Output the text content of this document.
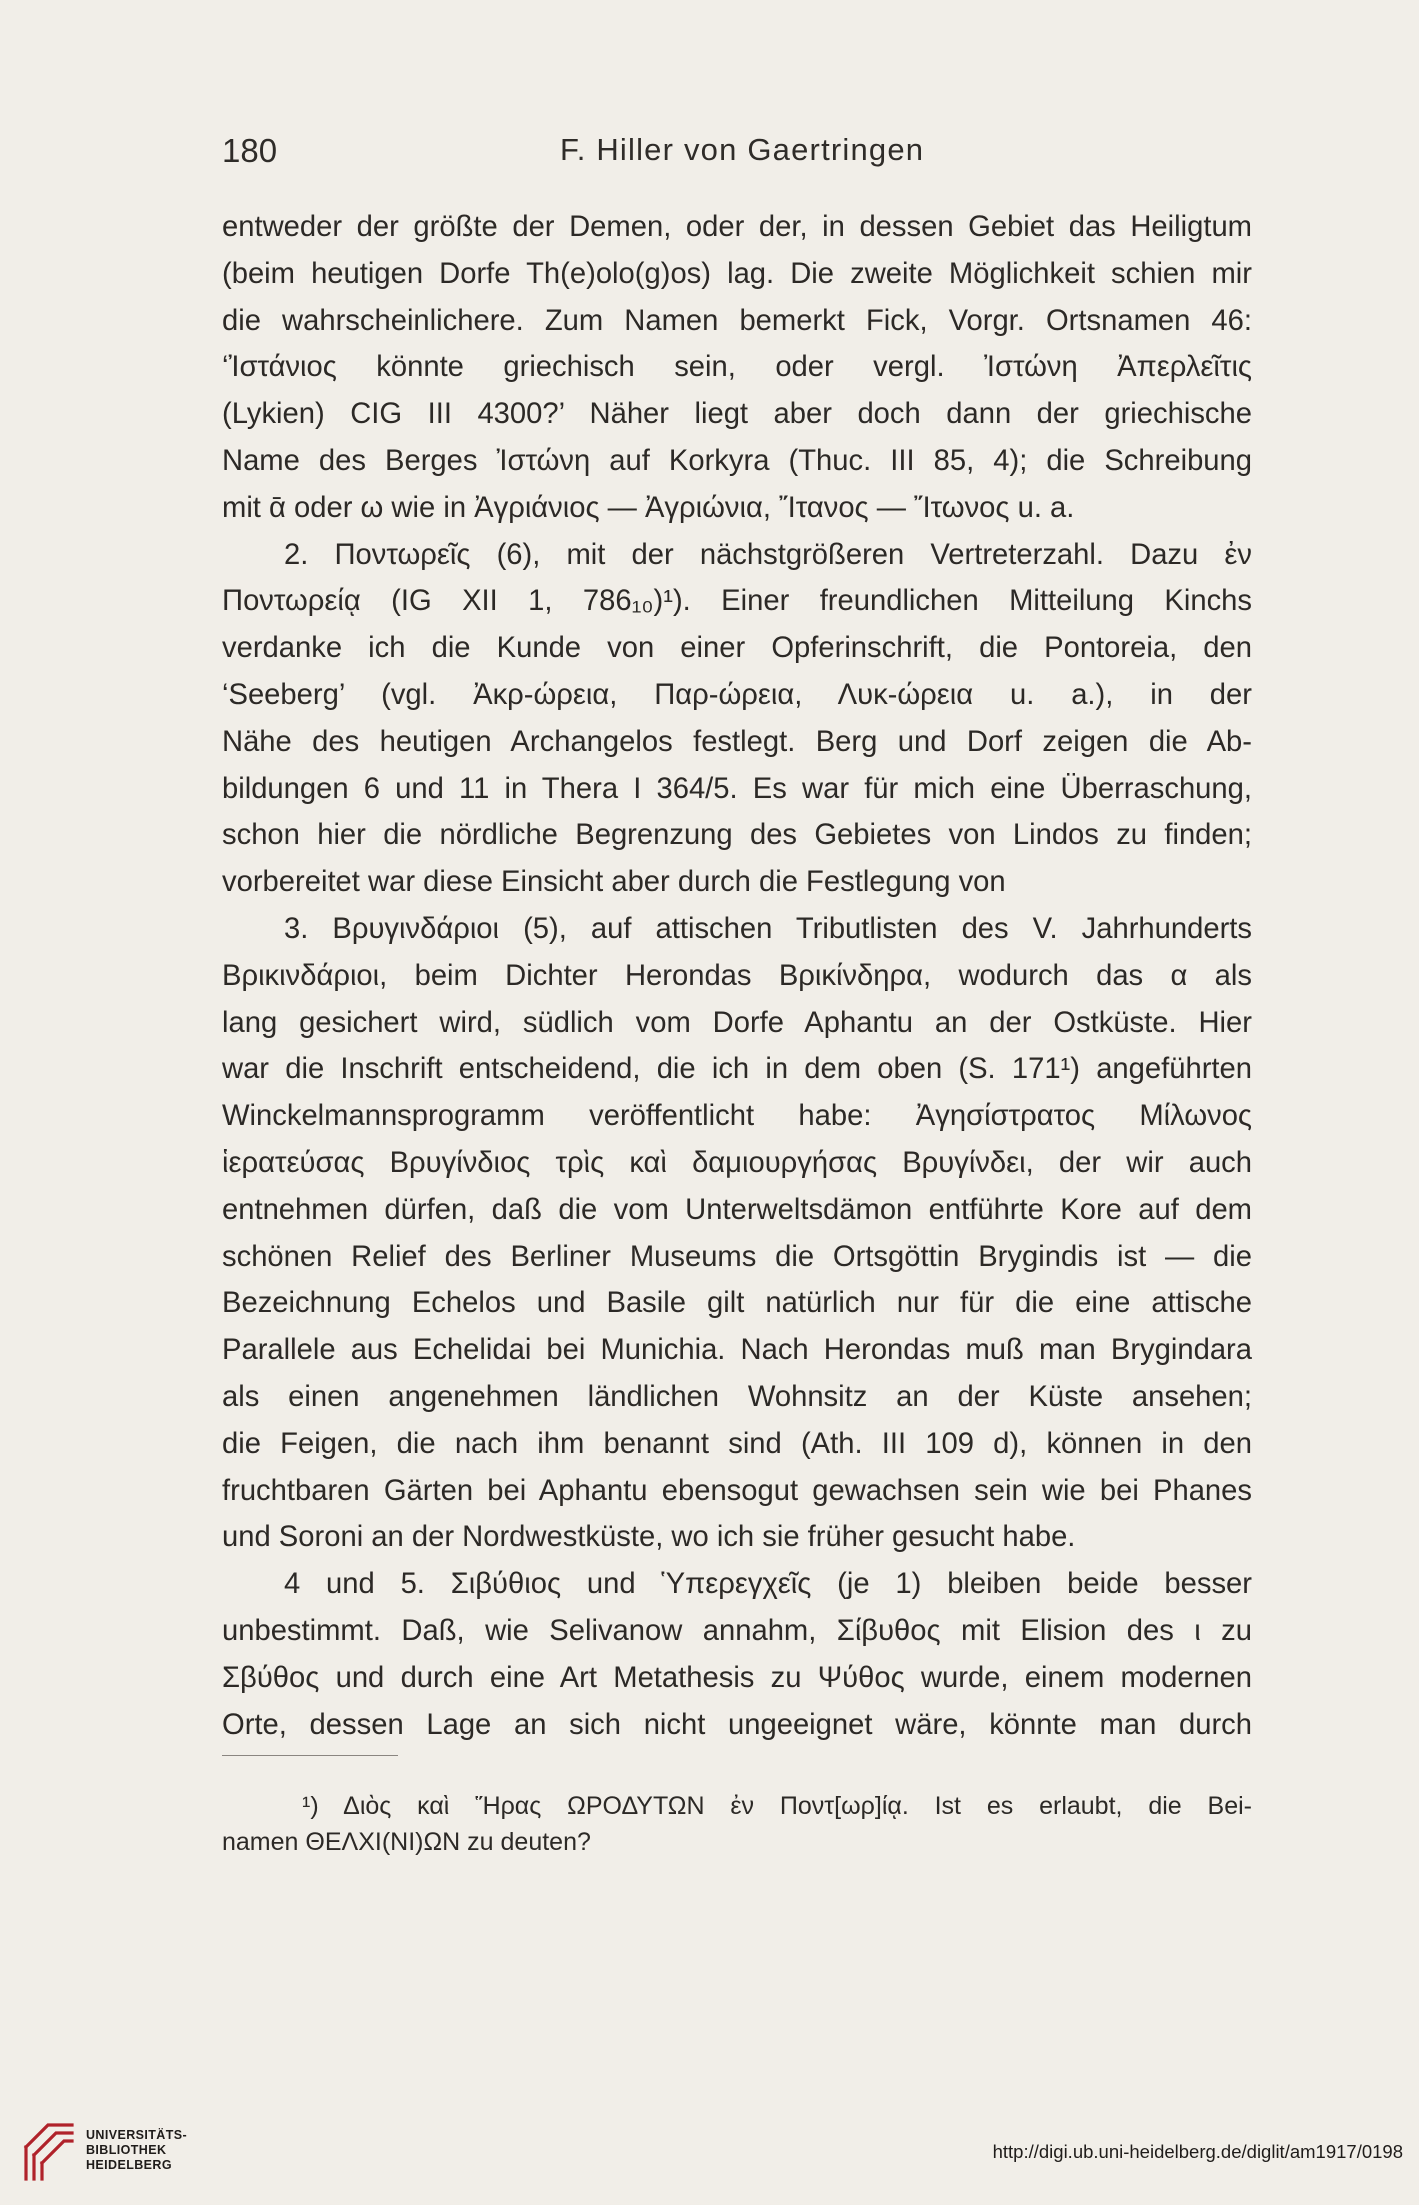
180	F. Hiller von Gaertringen

entweder der größte der Demen, oder der, in dessen Gebiet das Heiligtum
(beim heutigen Dorfe Th(e)olo(g)os) lag. Die zweite Möglichkeit schien mir
die wahrscheinlichere. Zum Namen bemerkt Fick, Vorgr. Ortsnamen 46:
‘Ἰστάνιος könnte griechisch sein, oder vergl. Ἰστώνη Ἀπερλεῖτις
(Lykien) CIG III 4300?’ Näher liegt aber doch dann der griechische
Name des Berges Ἰστώνη auf Korkyra (Thuc. III 85, 4); die Schreibung
mit ᾱ oder ω wie in Ἀγριάνιος — Ἀγριώνια, Ἴτανος — Ἴτωνος u. a.

2. Ποντωρεῖς (6), mit der nächstgrößeren Vertreterzahl. Dazu ἐν
Ποντωρείᾳ (IG XII 1, 786₁₀)¹). Einer freundlichen Mitteilung Kinchs
verdanke ich die Kunde von einer Opferinschrift, die Pontoreia, den
‘Seeberg’ (vgl. Ἀκρ-ώρεια, Παρ-ώρεια, Λυκ-ώρεια u. a.), in der
Nähe des heutigen Archangelos festlegt. Berg und Dorf zeigen die Ab-
bildungen 6 und 11 in Thera I 364/5. Es war für mich eine Überraschung,
schon hier die nördliche Begrenzung des Gebietes von Lindos zu finden;
vorbereitet war diese Einsicht aber durch die Festlegung von

3. Βρυγινδάριοι (5), auf attischen Tributlisten des V. Jahrhunderts
Βρικινδάριοι, beim Dichter Herondas Βρικίνδηρα, wodurch das α als
lang gesichert wird, südlich vom Dorfe Aphantu an der Ostküste. Hier
war die Inschrift entscheidend, die ich in dem oben (S. 171¹) angeführten
Winckelmannsprogramm veröffentlicht habe: Ἀγησίστρατος Μίλωνος
ἱερατεύσας Βρυγίνδιος τρὶς καὶ δαμιουργήσας Βρυγίνδει, der wir auch
entnehmen dürfen, daß die vom Unterweltsdämon entführte Kore auf dem
schönen Relief des Berliner Museums die Ortsgöttin Brygindis ist — die
Bezeichnung Echelos und Basile gilt natürlich nur für die eine attische
Parallele aus Echelidai bei Munichia. Nach Herondas muß man Brygindara
als einen angenehmen ländlichen Wohnsitz an der Küste ansehen;
die Feigen, die nach ihm benannt sind (Ath. III 109 d), können in den
fruchtbaren Gärten bei Aphantu ebensogut gewachsen sein wie bei Phanes
und Soroni an der Nordwestküste, wo ich sie früher gesucht habe.

4 und 5. Σιβύθιος und Ὑπερεγχεῖς (je 1) bleiben beide besser
unbestimmt. Daß, wie Selivanow annahm, Σίβυθος mit Elision des ι zu
Σβύθος und durch eine Art Metathesis zu Ψύθος wurde, einem modernen
Orte, dessen Lage an sich nicht ungeeignet wäre, könnte man durch

¹) Διὸς καὶ Ἥρας ΩΡΟΔΥΤΩΝ ἐν Ποντ[ωρ]ίᾳ. Ist es erlaubt, die Bei-
namen ΘΕΛΧΙ(ΝΙ)ΩΝ zu deuten?
UNIVERSITÄTS-
BIBLIOTHEK
HEIDELBERG
http://digi.ub.uni-heidelberg.de/diglit/am1917/0198
